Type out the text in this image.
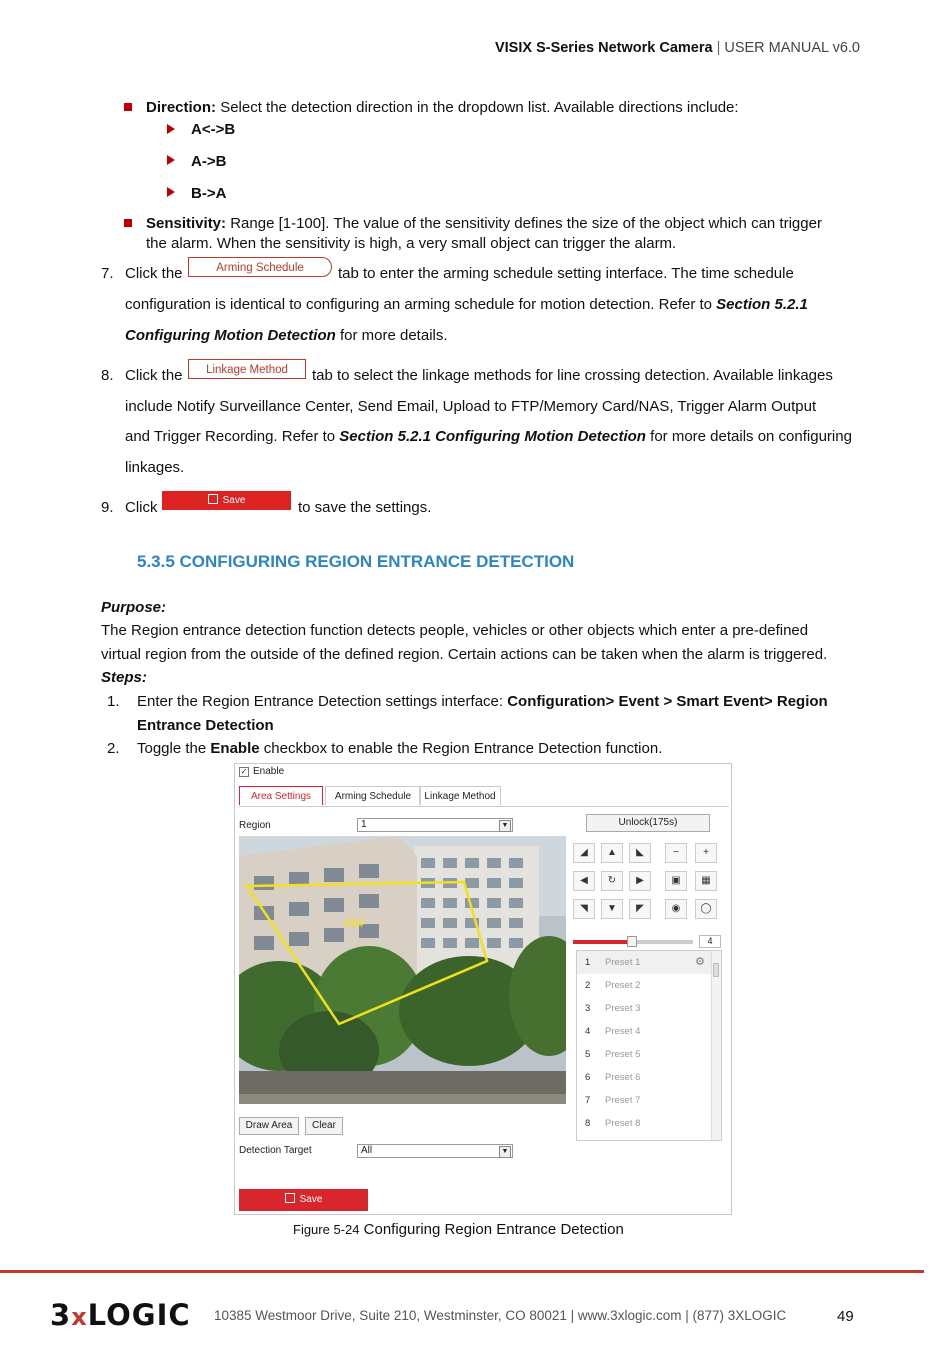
VISIX S-Series Network Camera | USER MANUAL v6.0
Direction: Select the detection direction in the dropdown list. Available directions include:
A<->B
A->B
B->A
Sensitivity: Range [1-100]. The value of the sensitivity defines the size of the object which can trigger
the alarm. When the sensitivity is high, a very small object can trigger the alarm.
7. Click the	Arming Schedule	tab to enter the arming schedule setting interface. The time schedule
configuration is identical to configuring an arming schedule for motion detection. Refer to Section 5.2.1
Configuring Motion Detection for more details.
8. Click the	Linkage Method	tab to select the linkage methods for line crossing detection. Available linkages
include Notify Surveillance Center, Send Email, Upload to FTP/Memory Card/NAS, Trigger Alarm Output
and Trigger Recording. Refer to Section 5.2.1 Configuring Motion Detection for more details on configuring
linkages.
9. Click	Save	to save the settings.
5.3.5 CONFIGURING REGION ENTRANCE DETECTION
Purpose:
The Region entrance detection function detects people, vehicles or other objects which enter a pre-defined
virtual region from the outside of the defined region. Certain actions can be taken when the alarm is triggered.
Steps:
1. Enter the Region Entrance Detection settings interface: Configuration> Event > Smart Event> Region
Entrance Detection
2. Toggle the Enable checkbox to enable the Region Entrance Detection function.
✓ Enable
Area Settings	Arming Schedule	Linkage Method
Region	1	▼	Unlock(175s)
#1#
◢	▲	◣	−	+
◀	↻	▶	▣	▦
◥	▼	◤	◉	◯
4
1 Preset 1	⚙
2 Preset 2
3 Preset 3
4 Preset 4
5 Preset 5
6 Preset 6
7 Preset 7
8 Preset 8
Draw Area	Clear
Detection Target	All	▼
Save
Figure 5-24 Configuring Region Entrance Detection
3xLOGIC 10385 Westmoor Drive, Suite 210, Westminster, CO 80021 | www.3xlogic.com | (877) 3XLOGIC	49
